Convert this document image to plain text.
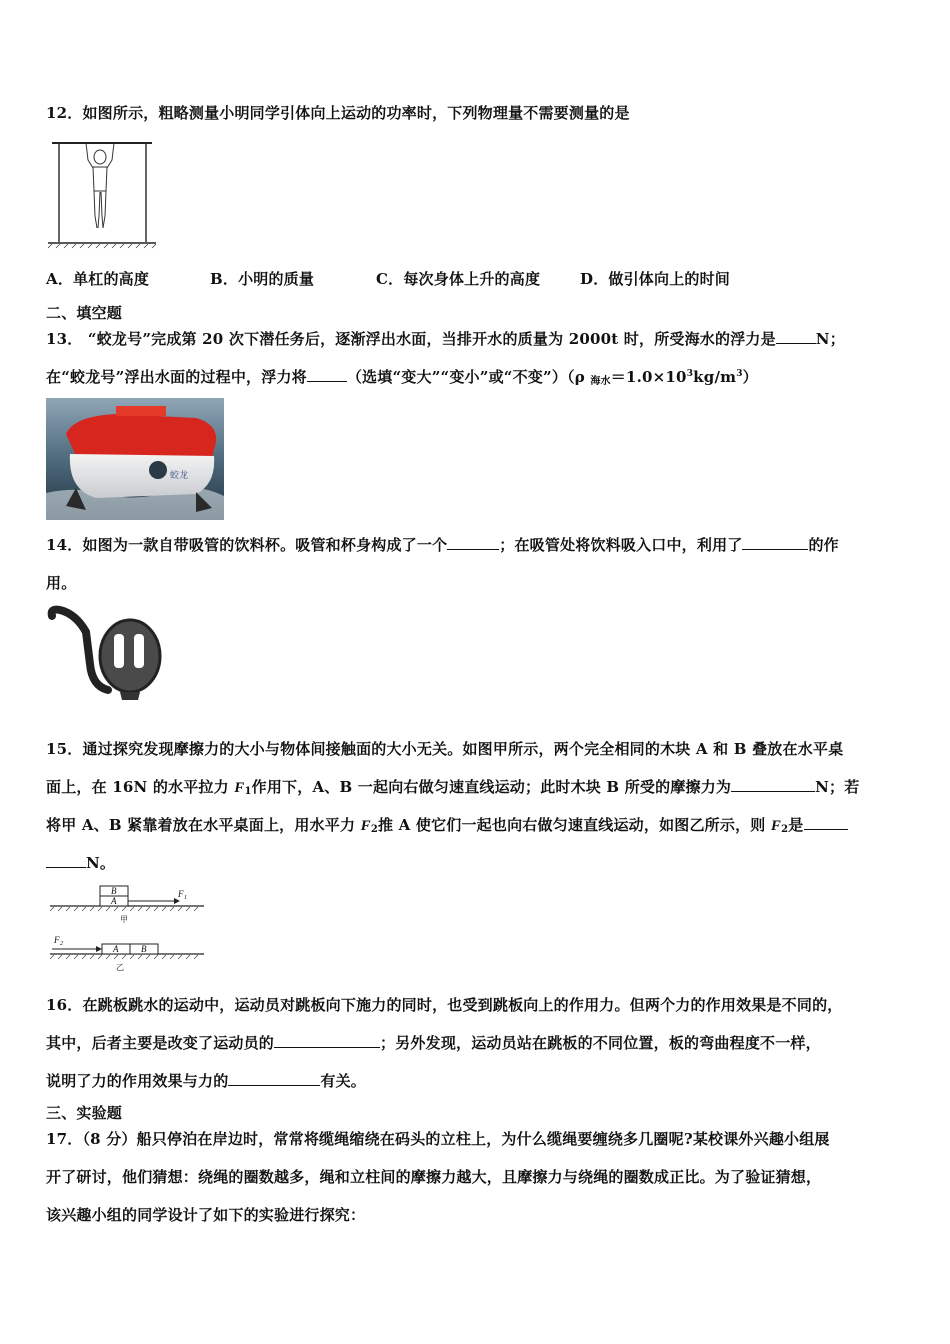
12．如图所示，粗略测量小明同学引体向上运动的功率时，下列物理量不需要测量的是
A．单杠的高度	B．小明的质量	C．每次身体上升的高度	D．做引体向上的时间
二、填空题
13． “蛟龙号”完成第 20 次下潜任务后，逐渐浮出水面，当排开水的质量为 2000t 时，所受海水的浮力是	N；
在“蛟龙号”浮出水面的过程中，浮力将	（选填“变大”“变小”或“不变”）（ρ $_{海水}=1.0\times 10^3kg/m^3$）
蛟龙
14．如图为一款自带吸管的饮料杯。吸管和杯身构成了一个	；在吸管处将饮料吸入口中，利用了	的作
用。
15．通过探究发现摩擦力的大小与物体间接触面的大小无关。如图甲所示，两个完全相同的木块 A 和 B 叠放在水平桌
面上，在 16N 的水平拉力 $F_1$作用下，A、B 一起向右做匀速直线运动；此时木块 B 所受的摩擦力为	N；若
将甲 A、B 紧靠着放在水平桌面上，用水平力 $F_2$推 A 使它们一起也向右做匀速直线运动，如图乙所示，则 $F_2$是
N。
B
A
F 1
甲
A	B
F 2
乙
16．在跳板跳水的运动中，运动员对跳板向下施力的同时，也受到跳板向上的作用力。但两个力的作用效果是不同的，
其中，后者主要是改变了运动员的	；另外发现，运动员站在跳板的不同位置，板的弯曲程度不一样，
说明了力的作用效果与力的	有关。
三、实验题
17．（8 分）船只停泊在岸边时，常常将缆绳缩绕在码头的立柱上，为什么缆绳要缠绕多几圈呢?某校课外兴趣小组展
开了研讨，他们猜想：绕绳的圈数越多，绳和立柱间的摩擦力越大，且摩擦力与绕绳的圈数成正比。为了验证猜想，
该兴趣小组的同学设计了如下的实验进行探究：
